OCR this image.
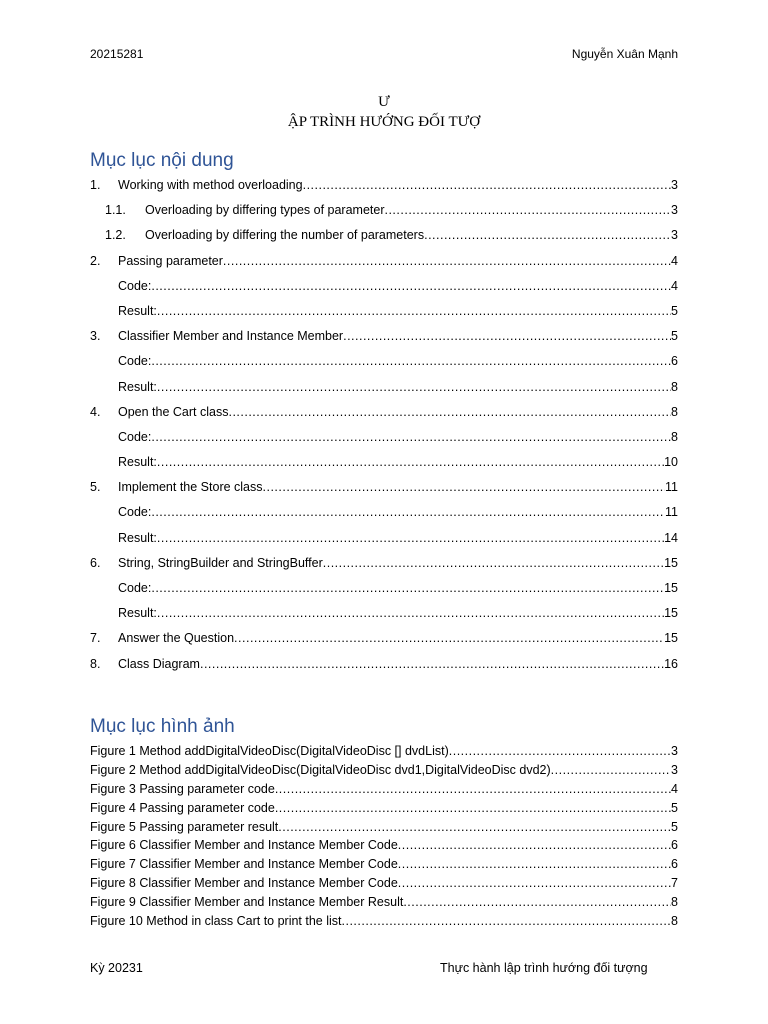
20215281	Nguyễn Xuân Mạnh
Ư
ẬP TRÌNH HƯỚNG ĐỐI TƯỢ
Mục lục nội dung
1. Working with method overloading .....	3
1.1. Overloading by differing types of parameter .....	3
1.2. Overloading by differing the number of parameters .....	3
2. Passing parameter .....	4
Code: .....	4
Result: .....	5
3. Classifier Member and Instance Member .....	5
Code: .....	6
Result: .....	8
4. Open the Cart class .....	8
Code: .....	8
Result: .....	10
5. Implement the Store class .....	11
Code: .....	11
Result: .....	14
6. String, StringBuilder and StringBuffer .....	15
Code: .....	15
Result: .....	15
7. Answer the Question .....	15
8. Class Diagram .....	16
Mục lục hình ảnh
Figure 1 Method addDigitalVideoDisc(DigitalVideoDisc [] dvdList) .....	3
Figure 2 Method addDigitalVideoDisc(DigitalVideoDisc dvd1,DigitalVideoDisc dvd2) .....	3
Figure 3 Passing parameter code .....	4
Figure 4 Passing parameter code .....	5
Figure 5 Passing parameter result .....	5
Figure 6 Classifier Member and Instance Member Code .....	6
Figure 7 Classifier Member and Instance Member Code .....	6
Figure 8 Classifier Member and Instance Member Code .....	7
Figure 9 Classifier Member and Instance Member Result .....	8
Figure 10 Method in class Cart to print the list .....	8
Kỳ 20231	Thực hành lập trình hướng đối tượng
